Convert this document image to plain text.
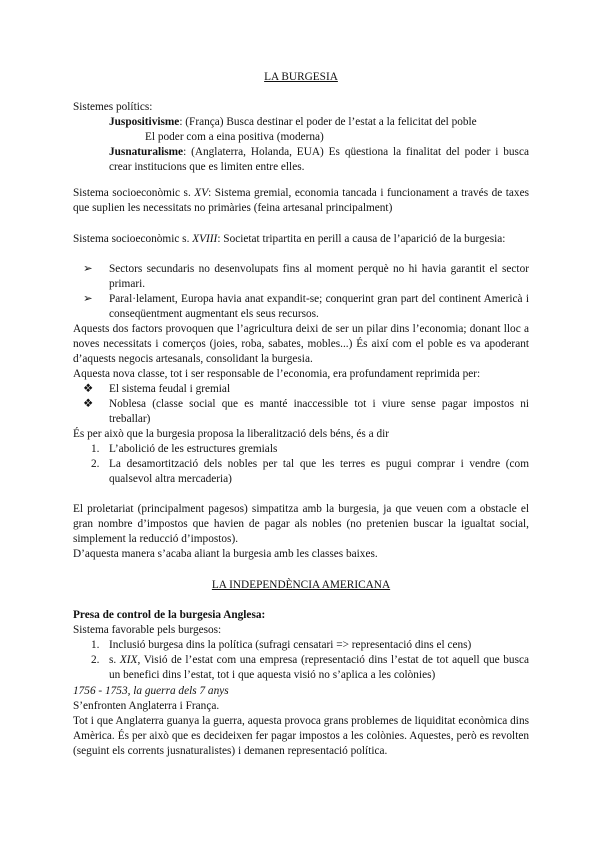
LA BURGESIA
Sistemes polítics:
Juspositivisme: (França) Busca destinar el poder de l’estat a la felicitat del poble
El poder com a eina positiva (moderna)
Jusnaturalisme: (Anglaterra, Holanda, EUA) Es qüestiona la finalitat del poder i busca crear institucions que es limiten entre elles.
Sistema socioeconòmic s. XV: Sistema gremial, economia tancada i funcionament a través de taxes que suplien les necessitats no primàries (feina artesanal principalment)
Sistema socioeconòmic s. XVIII: Societat tripartita en perill a causa de l’aparició de la burgesia:
➢ Sectors secundaris no desenvolupats fins al moment perquè no hi havia garantit el sector primari.
➢ Paral·lelament, Europa havia anat expandit-se; conquerint gran part del continent Americà i conseqüentment augmentant els seus recursos.
Aquests dos factors provoquen que l’agricultura deixi de ser un pilar dins l’economia; donant lloc a noves necessitats i comerços (joies, roba, sabates, mobles...) És així com el poble es va apoderant d’aquests negocis artesanals, consolidant la burgesia.
Aquesta nova classe, tot i ser responsable de l’economia, era profundament reprimida per:
❖ El sistema feudal i gremial
❖ Noblesa (classe social que es manté inaccessible tot i viure sense pagar impostos ni treballar)
És per això que la burgesia proposa la liberalització dels béns, és a dir
1. L’abolició de les estructures gremials
2. La desamortització dels nobles per tal que les terres es pugui comprar i vendre (com qualsevol altra mercaderia)
El proletariat (principalment pagesos) simpatitza amb la burgesia, ja que veuen com a obstacle el gran nombre d’impostos que havien de pagar als nobles (no pretenien buscar la igualtat social, simplement la reducció d’impostos).
D’aquesta manera s’acaba aliant la burgesia amb les classes baixes.
LA INDEPENDÈNCIA AMERICANA
Presa de control de la burgesia Anglesa:
Sistema favorable pels burgesos:
1. Inclusió burgesa dins la política (sufragi censatari => representació dins el cens)
2. s. XIX, Visió de l’estat com una empresa (representació dins l’estat de tot aquell que busca un benefici dins l’estat, tot i que aquesta visió no s’aplica a les colònies)
1756 - 1753, la guerra dels 7 anys
S’enfronten Anglaterra i França.
Tot i que Anglaterra guanya la guerra, aquesta provoca grans problemes de liquiditat econòmica dins Amèrica. És per això que es decideixen fer pagar impostos a les colònies. Aquestes, però es revolten (seguint els corrents jusnaturalistes) i demanen representació política.
